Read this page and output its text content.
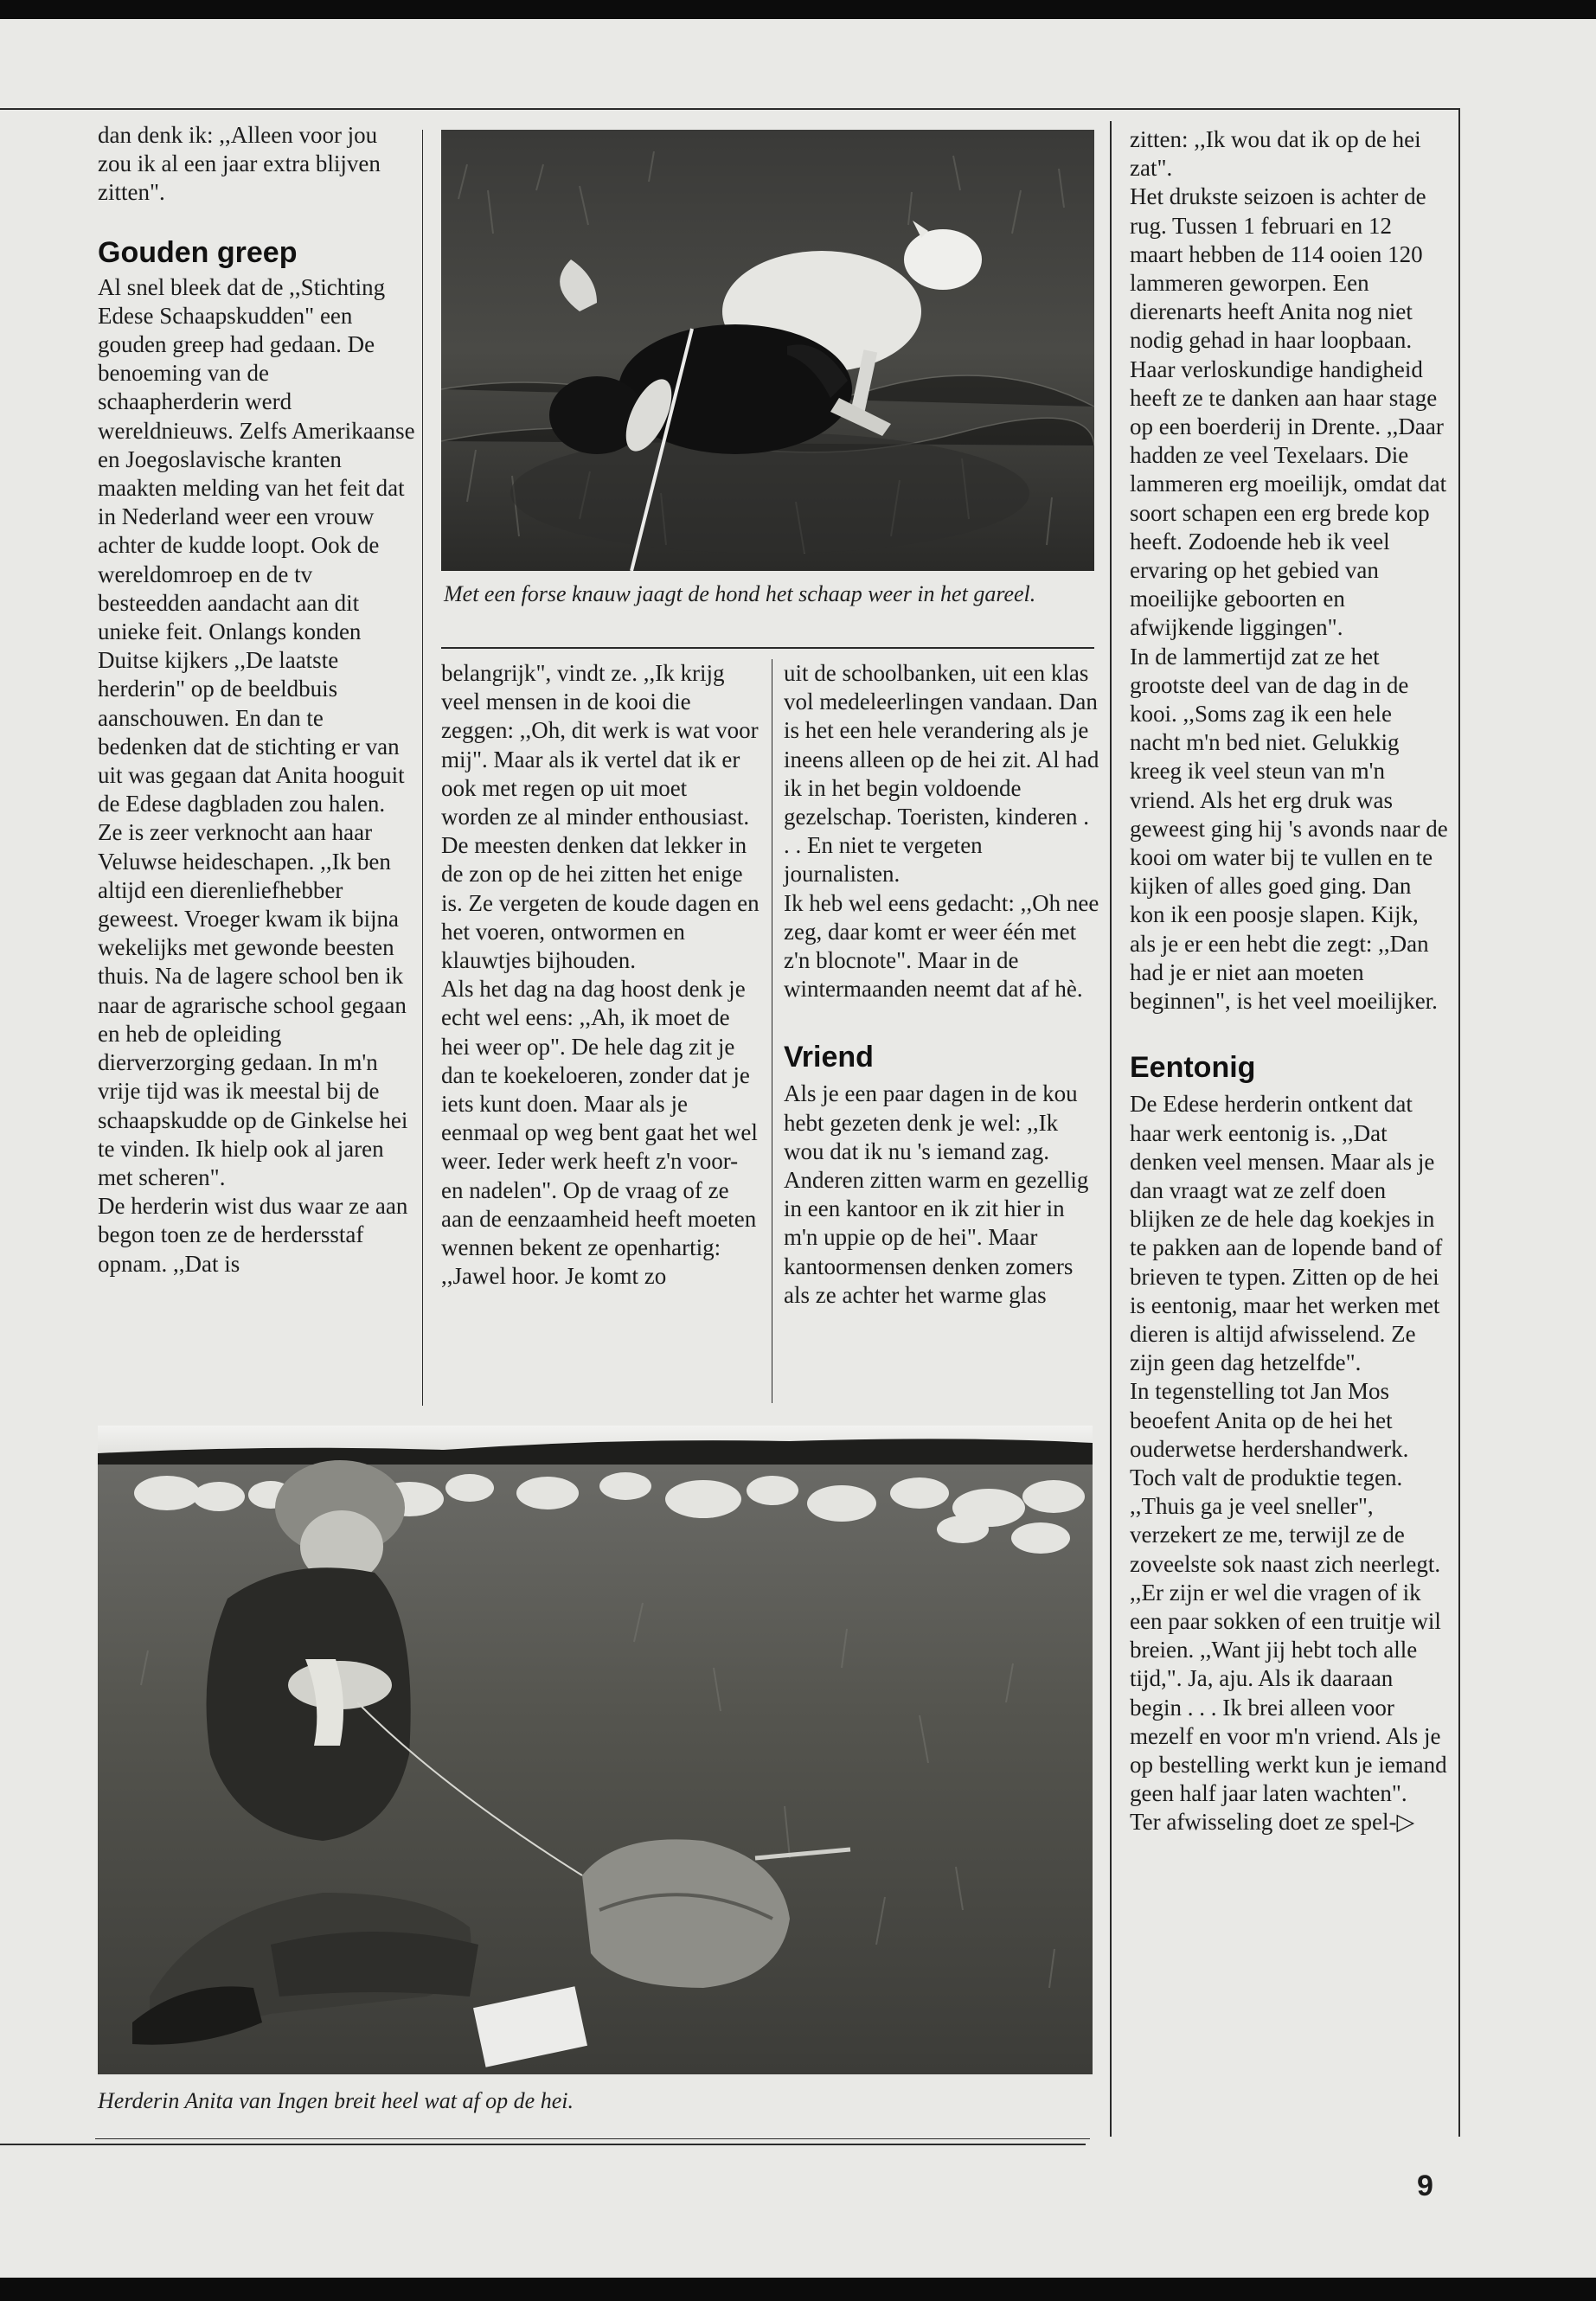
dan denk ik: ,,Alleen voor jou zou ik al een jaar extra blijven zitten".

Gouden greep

Al snel bleek dat de ,,Stichting Edese Schaapskudden" een gouden greep had gedaan. De benoeming van de schaapherderin werd wereldnieuws. Zelfs Amerikaanse en Joegoslavische kranten maakten melding van het feit dat in Nederland weer een vrouw achter de kudde loopt. Ook de wereldomroep en de tv besteedden aandacht aan dit unieke feit. Onlangs konden Duitse kijkers ,,De laatste herderin" op de beeldbuis aanschouwen. En dan te bedenken dat de stichting er van uit was gegaan dat Anita hooguit de Edese dagbladen zou halen.

Ze is zeer verknocht aan haar Veluwse heideschapen. ,,Ik ben altijd een dierenliefhebber geweest. Vroeger kwam ik bijna wekelijks met gewonde beesten thuis. Na de lagere school ben ik naar de agrarische school gegaan en heb de opleiding dierverzorging gedaan. In m'n vrije tijd was ik meestal bij de schaapskudde op de Ginkelse hei te vinden. Ik hielp ook al jaren met scheren".

De herderin wist dus waar ze aan begon toen ze de herdersstaf opnam. ,,Dat is

Met een forse knauw jaagt de hond het schaap weer in het gareel.

belangrijk", vindt ze. ,,Ik krijg veel mensen in de kooi die zeggen: ,,Oh, dit werk is wat voor mij". Maar als ik vertel dat ik er ook met regen op uit moet worden ze al minder enthousiast. De meesten denken dat lekker in de zon op de hei zitten het enige is. Ze vergeten de koude dagen en het voeren, ontwormen en klauwtjes bijhouden.

Als het dag na dag hoost denk je echt wel eens: ,,Ah, ik moet de hei weer op". De hele dag zit je dan te koekeloeren, zonder dat je iets kunt doen. Maar als je eenmaal op weg bent gaat het wel weer. Ieder werk heeft z'n voor- en nadelen". Op de vraag of ze aan de eenzaamheid heeft moeten wennen bekent ze openhartig: ,,Jawel hoor. Je komt zo

uit de schoolbanken, uit een klas vol medeleerlingen vandaan. Dan is het een hele verandering als je ineens alleen op de hei zit. Al had ik in het begin voldoende gezelschap. Toeristen, kinderen . . . En niet te vergeten journalisten.

Ik heb wel eens gedacht: ,,Oh nee zeg, daar komt er weer één met z'n blocnote". Maar in de wintermaanden neemt dat af hè.

Vriend

Als je een paar dagen in de kou hebt gezeten denk je wel: ,,Ik wou dat ik nu 's iemand zag. Anderen zitten warm en gezellig in een kantoor en ik zit hier in m'n uppie op de hei". Maar kantoormensen denken zomers als ze achter het warme glas

Herderin Anita van Ingen breit heel wat af op de hei.

zitten: ,,Ik wou dat ik op de hei zat".

Het drukste seizoen is achter de rug. Tussen 1 februari en 12 maart hebben de 114 ooien 120 lammeren geworpen. Een dierenarts heeft Anita nog niet nodig gehad in haar loopbaan. Haar verloskundige handigheid heeft ze te danken aan haar stage op een boerderij in Drente. ,,Daar hadden ze veel Texelaars. Die lammeren erg moeilijk, omdat dat soort schapen een erg brede kop heeft. Zodoende heb ik veel ervaring op het gebied van moeilijke geboorten en afwijkende liggingen".

In de lammertijd zat ze het grootste deel van de dag in de kooi. ,,Soms zag ik een hele nacht m'n bed niet. Gelukkig kreeg ik veel steun van m'n vriend. Als het erg druk was geweest ging hij 's avonds naar de kooi om water bij te vullen en te kijken of alles goed ging. Dan kon ik een poosje slapen. Kijk, als je er een hebt die zegt: ,,Dan had je er niet aan moeten beginnen", is het veel moeilijker.

Eentonig

De Edese herderin ontkent dat haar werk eentonig is. ,,Dat denken veel mensen. Maar als je dan vraagt wat ze zelf doen blijken ze de hele dag koekjes in te pakken aan de lopende band of brieven te typen. Zitten op de hei is eentonig, maar het werken met dieren is altijd afwisselend. Ze zijn geen dag hetzelfde".

In tegenstelling tot Jan Mos beoefent Anita op de hei het ouderwetse herdershandwerk. Toch valt de produktie tegen. ,,Thuis ga je veel sneller", verzekert ze me, terwijl ze de zoveelste sok naast zich neerlegt. ,,Er zijn er wel die vragen of ik een paar sokken of een truitje wil breien. ,,Want jij hebt toch alle tijd,". Ja, aju. Als ik daaraan begin . . . Ik brei alleen voor mezelf en voor m'n vriend. Als je op bestelling werkt kun je iemand geen half jaar laten wachten".

Ter afwisseling doet ze spel-▷

9
